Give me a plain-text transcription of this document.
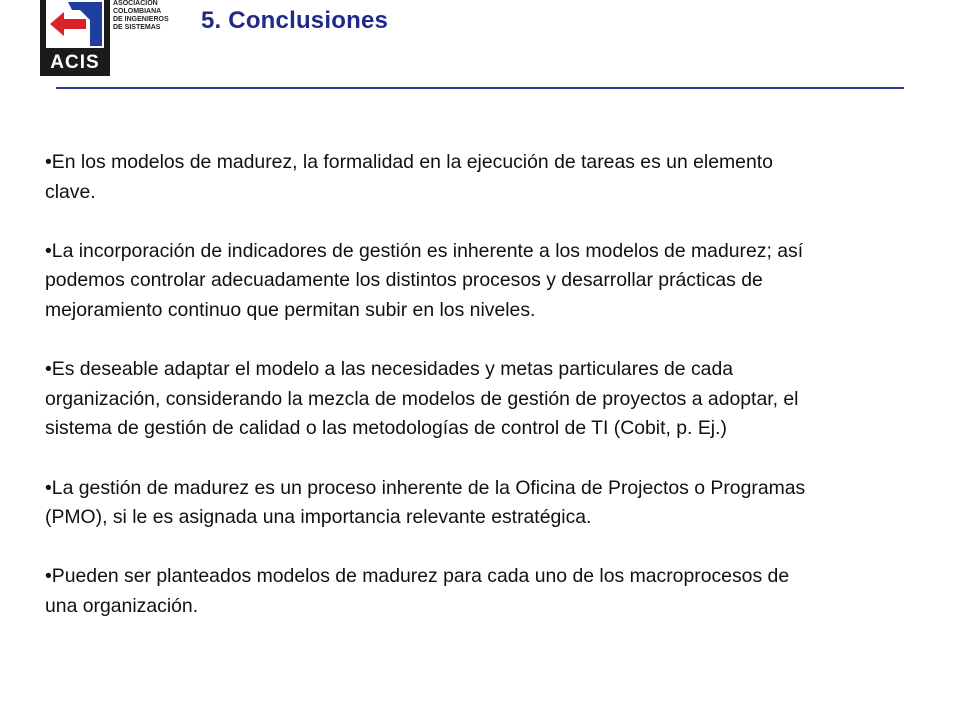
ACIS
ASOCIACION
COLOMBIANA
DE INGENIEROS
DE SISTEMAS	5. Conclusiones

•En los modelos de madurez, la formalidad en la ejecución de tareas es un elemento clave.

•La incorporación de indicadores de gestión es inherente a los modelos de madurez; así podemos controlar adecuadamente los distintos procesos y desarrollar prácticas de mejoramiento continuo que permitan subir en los niveles.

•Es deseable adaptar el modelo a las necesidades y metas particulares de cada organización, considerando la mezcla de modelos de gestión de proyectos a adoptar, el sistema de gestión de calidad o las metodologías de control de TI (Cobit, p. Ej.)

•La gestión de madurez es un proceso inherente de la Oficina de Projectos o Programas (PMO), si le es asignada una importancia relevante estratégica.

•Pueden ser planteados modelos de madurez para cada uno de los macroprocesos de una organización.
